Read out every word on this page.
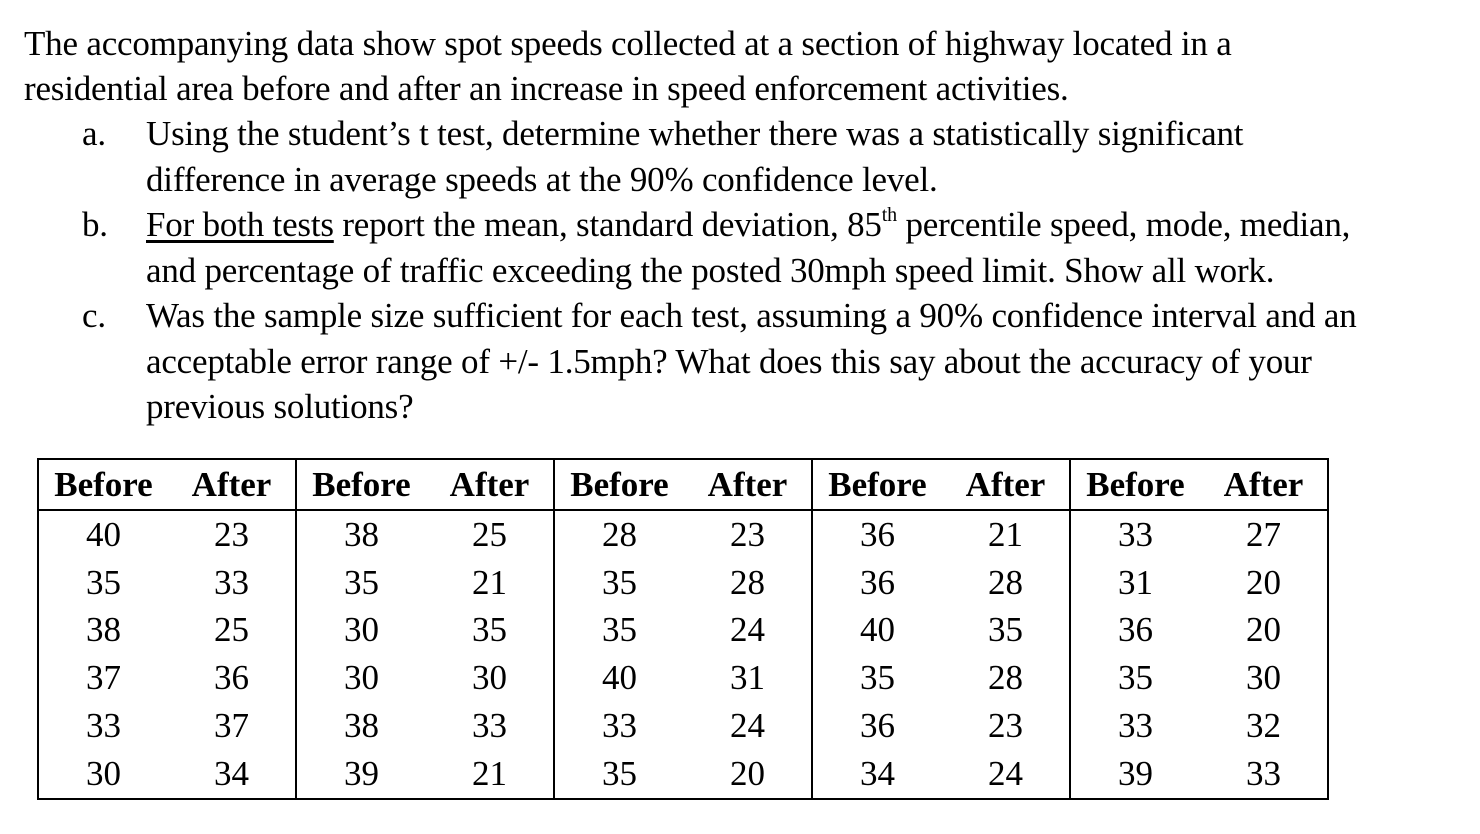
The accompanying data show spot speeds collected at a section of highway located in a
residential area before and after an increase in speed enforcement activities.

a. Using the student’s t test, determine whether there was a statistically significant
difference in average speeds at the 90% confidence level.
b. For both tests report the mean, standard deviation, 85th percentile speed, mode, median,
and percentage of traffic exceeding the posted 30mph speed limit. Show all work.
c. Was the sample size sufficient for each test, assuming a 90% confidence interval and an
acceptable error range of +/- 1.5mph? What does this say about the accuracy of your
previous solutions?
Before	After	Before	After	Before	After	Before	After	Before	After
40	23	38	25	28	23	36	21	33	27
35	33	35	21	35	28	36	28	31	20
38	25	30	35	35	24	40	35	36	20
37	36	30	30	40	31	35	28	35	30
33	37	38	33	33	24	36	23	33	32
30	34	39	21	35	20	34	24	39	33
